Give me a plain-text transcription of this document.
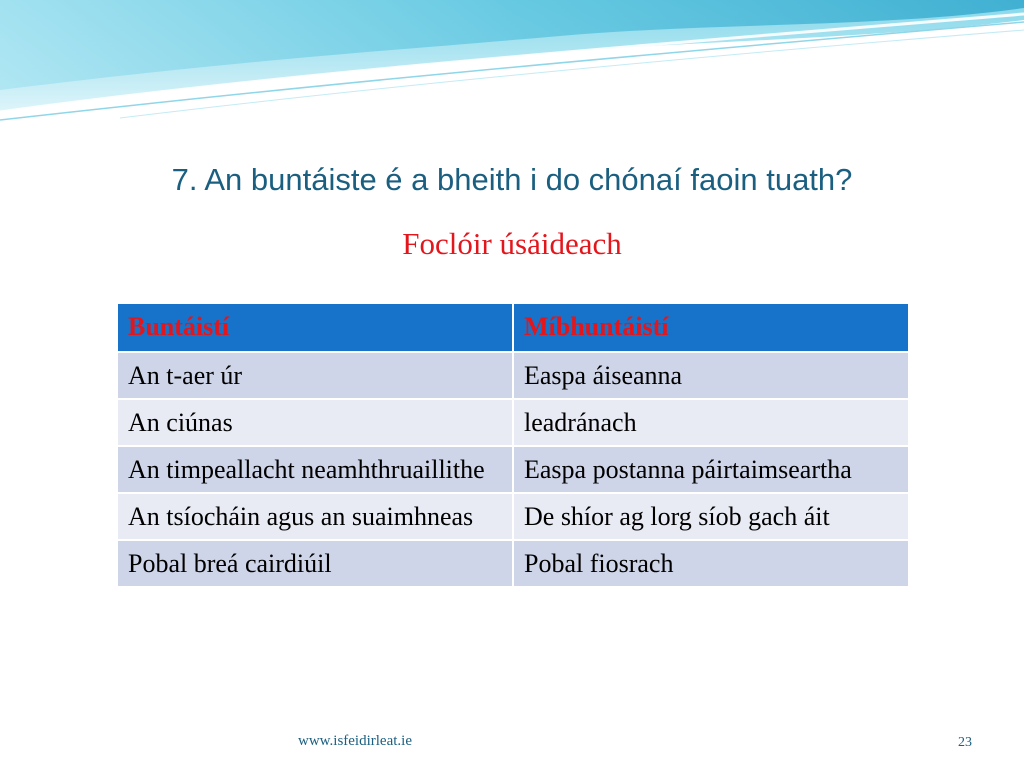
7. An buntáiste é a bheith i do chónaí faoin tuath?
Foclóir úsáideach
Buntáistí	Míbhuntáistí
An t-aer úr	Easpa áiseanna
An ciúnas	leadránach
An timpeallacht neamhthruaillithe	Easpa postanna páirtaimseartha
An tsíocháin agus an suaimhneas	De shíor ag lorg síob gach áit
Pobal breá cairdiúil	Pobal fiosrach
www.isfeidirleat.ie	23
